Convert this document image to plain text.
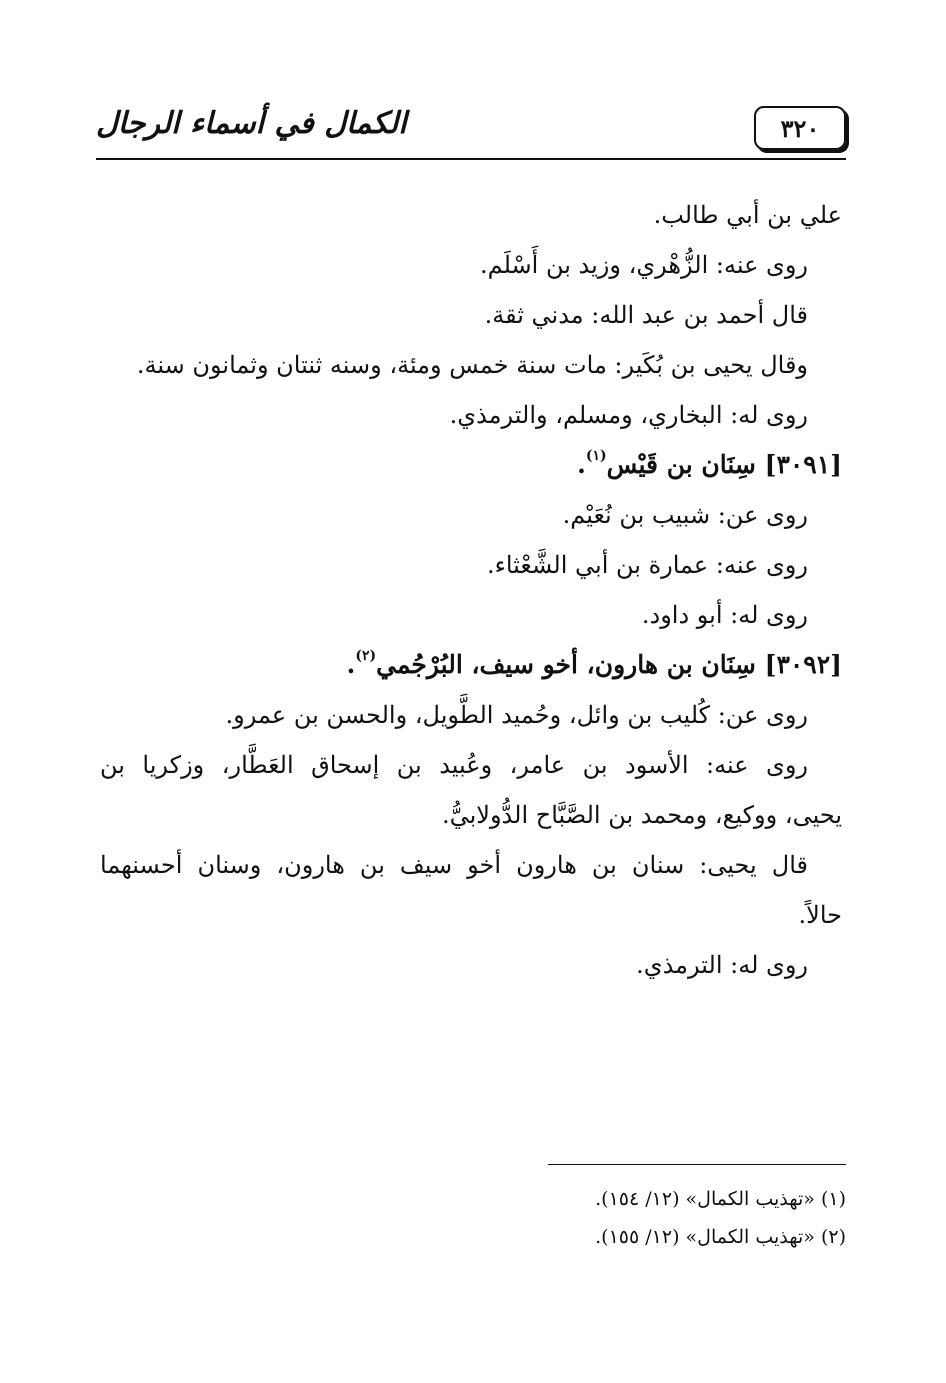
الكمال في أسماء الرجال	٣٢٠
علي بن أبي طالب.
روى عنه: الزُّهْري، وزيد بن أَسْلَم.
قال أحمد بن عبد الله: مدني ثقة.
وقال يحيى بن بُكَير: مات سنة خمس ومئة، وسنه ثنتان وثمانون سنة.
روى له: البخاري، ومسلم، والترمذي.
[٣٠٩١] سِنَان بن قَيْس$^{(١)}$.
روى عن: شبيب بن نُعَيْم.
روى عنه: عمارة بن أبي الشَّعْثاء.
روى له: أبو داود.
[٣٠٩٢] سِنَان بن هارون، أخو سيف، البُرْجُمي$^{(٢)}$.
روى عن: كُليب بن وائل، وحُميد الطَّويل، والحسن بن عمرو.
روى عنه: الأسود بن عامر، وعُبيد بن إسحاق العَطَّار، وزكريا بن
يحيى، ووكيع، ومحمد بن الصَّبَّاح الدُّولابيُّ.
قال يحيى: سنان بن هارون أخو سيف بن هارون، وسنان أحسنهما
حالاً.
روى له: الترمذي.
(١) «تهذيب الكمال» (١٢/ ١٥٤).
(٢) «تهذيب الكمال» (١٢/ ١٥٥).
